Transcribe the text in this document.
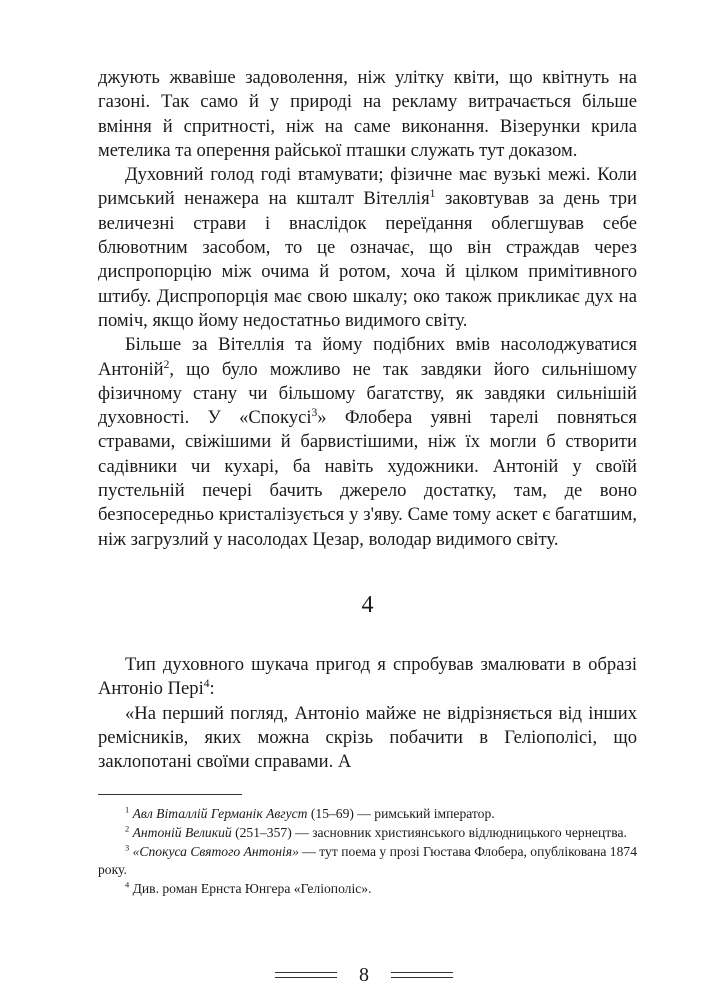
джують жвавіше задоволення, ніж улітку квіти, що квітнуть на газоні. Так само й у природі на рекламу витрачається більше вміння й спритності, ніж на саме виконання. Візерунки крила метелика та оперення райської пташки служать тут доказом.

Духовний голод годі втамувати; фізичне має вузькі межі. Коли римський ненажера на кшталт Вітеллія$^1$ заковтував за день три величезні страви і внаслідок переїдання облегшував себе блювотним засобом, то це означає, що він страждав через диспропорцію між очима й ротом, хоча й цілком примітивного штибу. Диспропорція має свою шкалу; око також прикликає дух на поміч, якщо йому недостатньо видимого світу.

Більше за Вітеллія та йому подібних вмів насолоджуватися Антоній$^2$, що було можливо не так завдяки його сильнішому фізичному стану чи більшому багатству, як завдяки сильнішій духовності. У «Спокусі$^3$» Флобера уявні тарелі повняться стравами, свіжішими й барвистішими, ніж їх могли б створити садівники чи кухарі, ба навіть художники. Антоній у своїй пустельній печері бачить джерело достатку, там, де воно безпосередньо кристалізується у з'яву. Саме тому аскет є багатшим, ніж загрузлий у насолодах Цезар, володар видимого світу.

4

Тип духовного шукача пригод я спробував змалювати в образі Антоніо Пері$^4$:

«На перший погляд, Антоніо майже не відрізняється від інших ремісників, яких можна скрізь побачити в Геліополісі, що заклопотані своїми справами. А

$^1$ Авл Віталлій Германік Август (15–69) — римський імператор.

$^2$ Антоній Великий (251–357) — засновник християнського відлюдницького чернецтва.

$^3$ «Спокуса Святого Антонія» — тут поема у прозі Гюстава Флобера, опублікована 1874 року.

$^4$ Див. роман Ернста Юнгера «Геліополіс».

8
